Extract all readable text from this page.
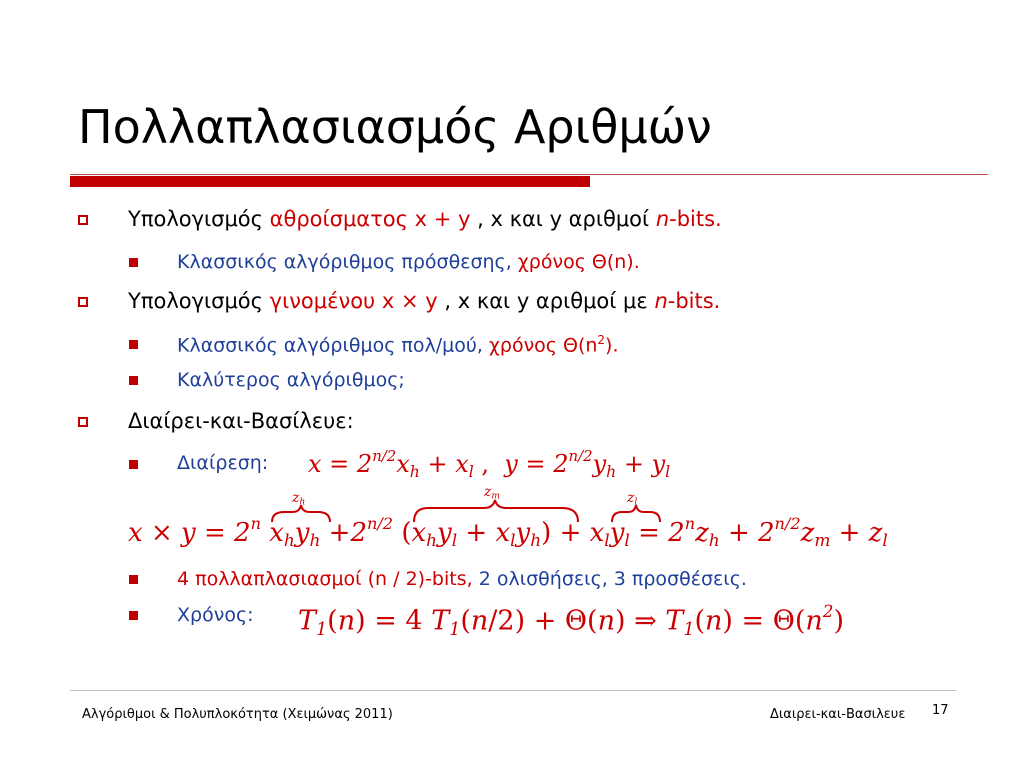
Πολλαπλασιασμός Αριθμών
Υπολογισμός αθροίσματος x + y , x και y αριθμοί n-bits.
Κλασσικός αλγόριθμος πρόσθεσης, χρόνος Θ(n).
Υπολογισμός γινομένου x × y , x και y αριθμοί με n-bits.
Κλασσικός αλγόριθμος πολ/μού, χρόνος $\Theta(n^2)$.
Καλύτερος αλγόριθμος;
Διαίρει-και-Βασίλευε:
Διαίρεση: $x = 2^{n/2}x_h + x_l$ ,  $y = 2^{n/2}y_h + y_l$
$z_h$
$z_m$	$z_l$
$x \times y = 2^n$ $x_hy_h +2^{n/2}$ $(x_hy_l + x_ly_h) + x_ly_l = 2^nz_h + 2^{n/2}z_m + z_l$
4 πολλαπλασιασμοί (n / 2)-bits, 2 ολισθήσεις, 3 προσθέσεις.
Χρόνος: $T_1(n) = 4$ $T_1(n/2) + \Theta(n)$ ⇒ $T_1(n) = \Theta(n^2)$
Αλγόριθμοι & Πολυπλοκότητα (Χειμώνας 2011)	Διαιρει-και-Βασιλευε 17
